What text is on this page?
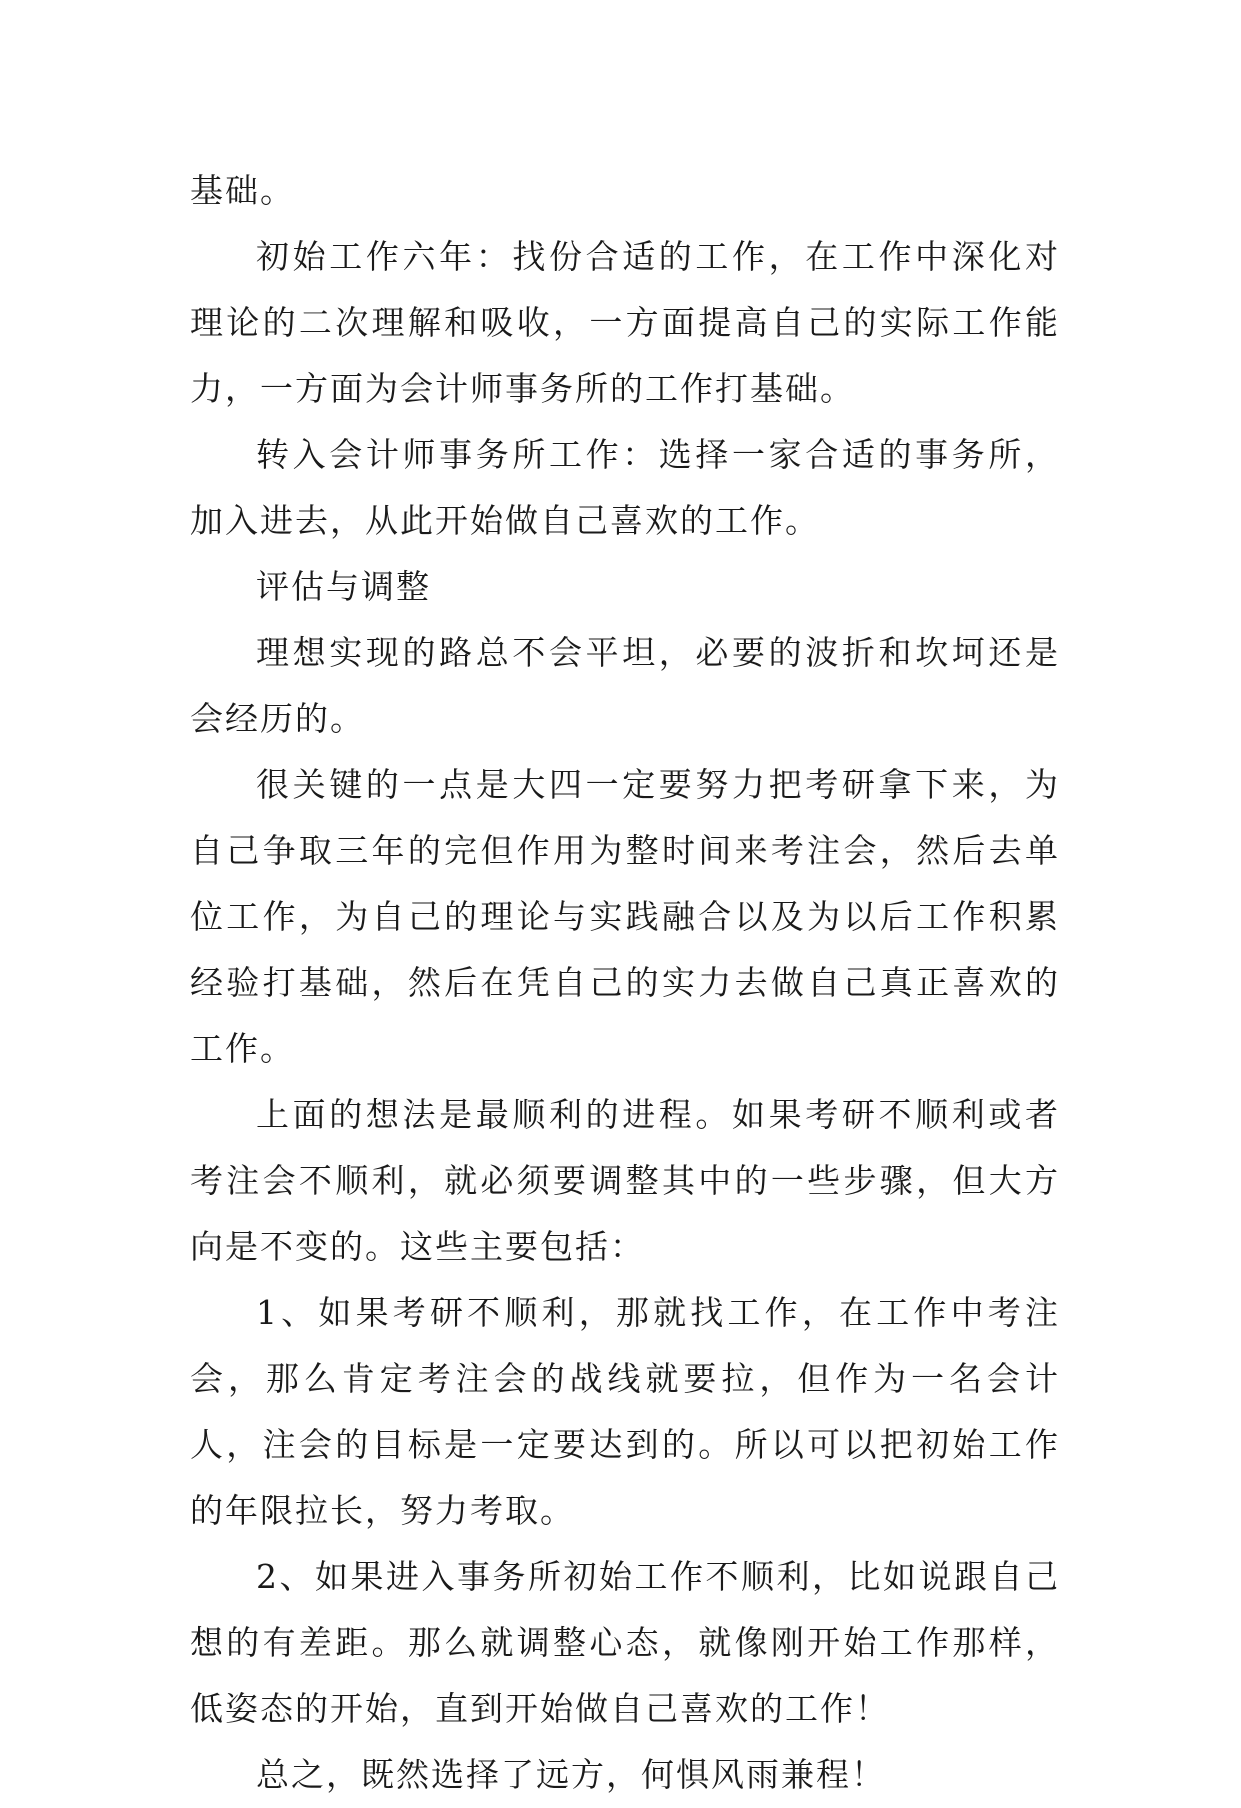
基础。

初始工作六年：找份合适的工作，在工作中深化对理论的二次理解和吸收，一方面提高自己的实际工作能力，一方面为会计师事务所的工作打基础。

转入会计师事务所工作：选择一家合适的事务所，加入进去，从此开始做自己喜欢的工作。

评估与调整

理想实现的路总不会平坦，必要的波折和坎坷还是会经历的。

很关键的一点是大四一定要努力把考研拿下来，为自己争取三年的完但作用为整时间来考注会，然后去单位工作，为自己的理论与实践融合以及为以后工作积累经验打基础，然后在凭自己的实力去做自己真正喜欢的工作。

上面的想法是最顺利的进程。如果考研不顺利或者考注会不顺利，就必须要调整其中的一些步骤，但大方向是不变的。这些主要包括：

1、如果考研不顺利，那就找工作，在工作中考注会，那么肯定考注会的战线就要拉，但作为一名会计人，注会的目标是一定要达到的。所以可以把初始工作的年限拉长，努力考取。

2、如果进入事务所初始工作不顺利，比如说跟自己想的有差距。那么就调整心态，就像刚开始工作那样，低姿态的开始，直到开始做自己喜欢的工作！

总之，既然选择了远方，何惧风雨兼程！
